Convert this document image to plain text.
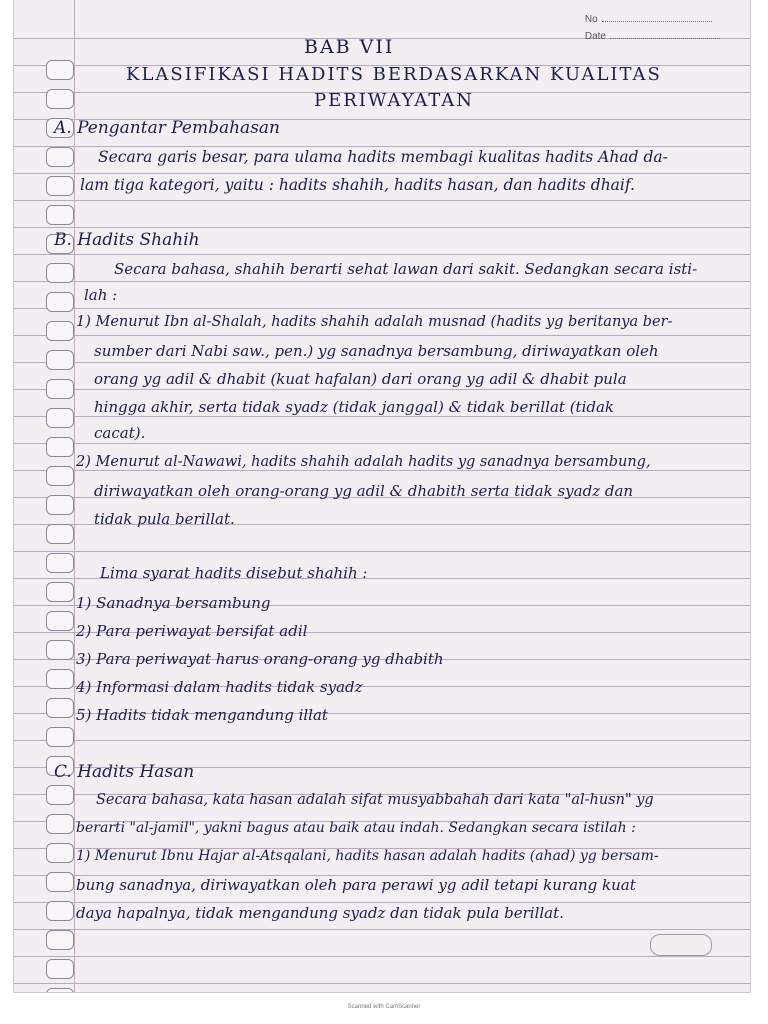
No
Date
BAB VII
KLASIFIKASI HADITS BERDASARKAN KUALITAS
PERIWAYATAN
A. Pengantar Pembahasan
Secara garis besar, para ulama hadits membagi kualitas hadits Ahad da-
lam tiga kategori, yaitu : hadits shahih, hadits hasan, dan hadits dhaif.
B. Hadits Shahih
Secara bahasa, shahih berarti sehat lawan dari sakit. Sedangkan secara isti-
lah :
1) Menurut Ibn al-Shalah, hadits shahih adalah musnad (hadits yg beritanya ber-
sumber dari Nabi saw., pen.) yg sanadnya bersambung, diriwayatkan oleh
orang yg adil & dhabit (kuat hafalan) dari orang yg adil & dhabit pula
hingga akhir, serta tidak syadz (tidak janggal) & tidak berillat (tidak
cacat).
2) Menurut al-Nawawi, hadits shahih adalah hadits yg sanadnya bersambung,
diriwayatkan oleh orang-orang yg adil & dhabith serta tidak syadz dan
tidak pula berillat.
Lima syarat hadits disebut shahih :
1) Sanadnya bersambung
2) Para periwayat bersifat adil
3) Para periwayat harus orang-orang yg dhabith
4) Informasi dalam hadits tidak syadz
5) Hadits tidak mengandung illat
C. Hadits Hasan
Secara bahasa, kata hasan adalah sifat musyabbahah dari kata "al-husn" yg
berarti "al-jamil", yakni bagus atau baik atau indah. Sedangkan secara istilah :
1) Menurut Ibnu Hajar al-Atsqalani, hadits hasan adalah hadits (ahad) yg bersam-
bung sanadnya, diriwayatkan oleh para perawi yg adil tetapi kurang kuat
daya hapalnya, tidak mengandung syadz dan tidak pula berillat.
Scanned with CamScanner
